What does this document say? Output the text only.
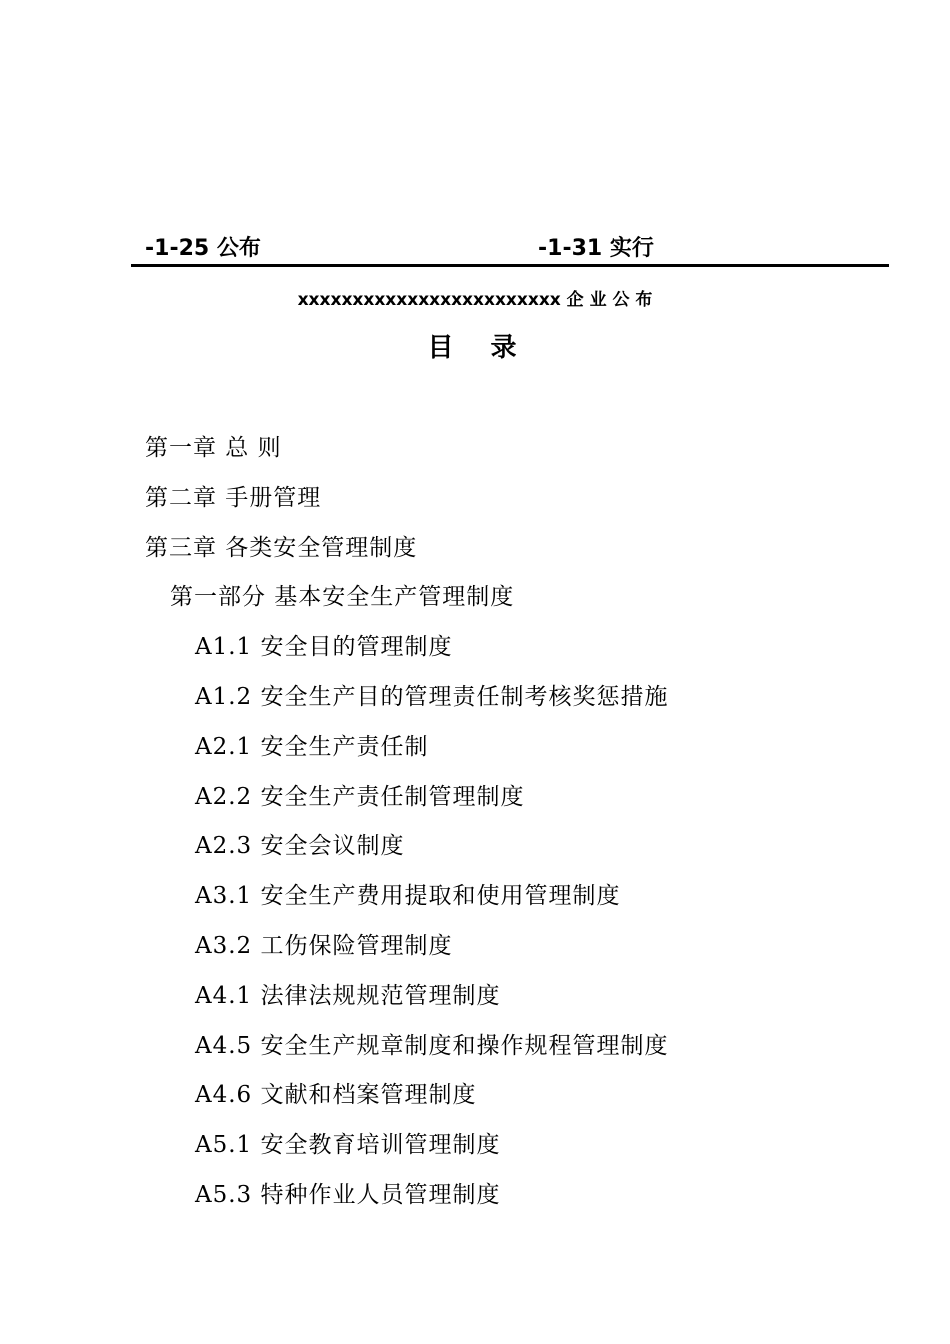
-1-25 公布	-1-31 实行
xxxxxxxxxxxxxxxxxxxxxxxx 企 业 公 布
目 录
第一章 总 则
第二章 手册管理
第三章 各类安全管理制度
第一部分 基本安全生产管理制度
A1.1 安全目的管理制度
A1.2 安全生产目的管理责任制考核奖惩措施
A2.1 安全生产责任制
A2.2 安全生产责任制管理制度
A2.3 安全会议制度
A3.1 安全生产费用提取和使用管理制度
A3.2 工伤保险管理制度
A4.1 法律法规规范管理制度
A4.5 安全生产规章制度和操作规程管理制度
A4.6 文献和档案管理制度
A5.1 安全教育培训管理制度
A5.3 特种作业人员管理制度
